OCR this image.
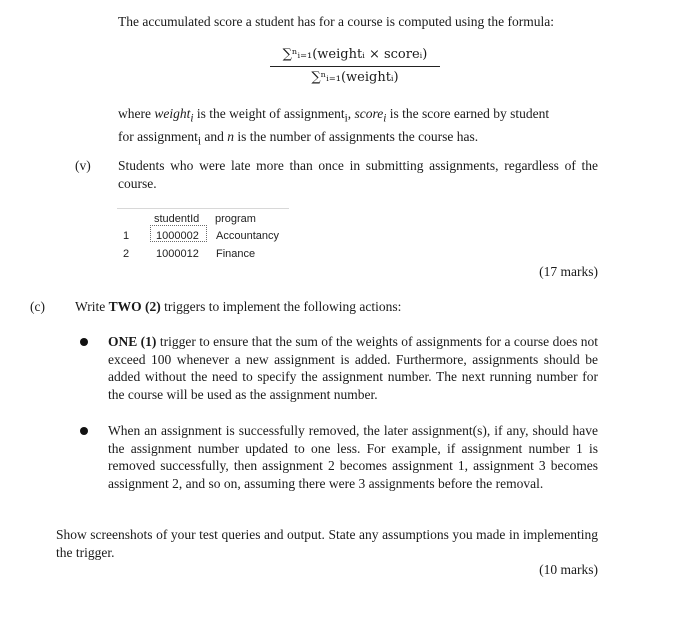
The accumulated score a student has for a course is computed using the formula:
∑ⁿᵢ₌₁(weightᵢ × scoreᵢ)
∑ⁿᵢ₌₁(weightᵢ)
where weight$_i$ is the weight of assignment$_i$, score$_i$ is the score earned by student
for assignment$_i$ and n is the number of assignments the course has.
(v) Students who were late more than once in submitting assignments, regardless of the course.
studentId program
1 1000002 Accountancy
2 1000012 Finance
(17 marks)
(c) Write TWO (2) triggers to implement the following actions:
ONE (1) trigger to ensure that the sum of the weights of assignments for a course does not exceed 100 whenever a new assignment is added. Furthermore, assignments should be added without the need to specify the assignment number. The next running number for the course will be used as the assignment number.
When an assignment is successfully removed, the later assignment(s), if any, should have the assignment number updated to one less. For example, if assignment number 1 is removed successfully, then assignment 2 becomes assignment 1, assignment 3 becomes assignment 2, and so on, assuming there were 3 assignments before the removal.
Show screenshots of your test queries and output. State any assumptions you made in implementing the trigger.
(10 marks)
